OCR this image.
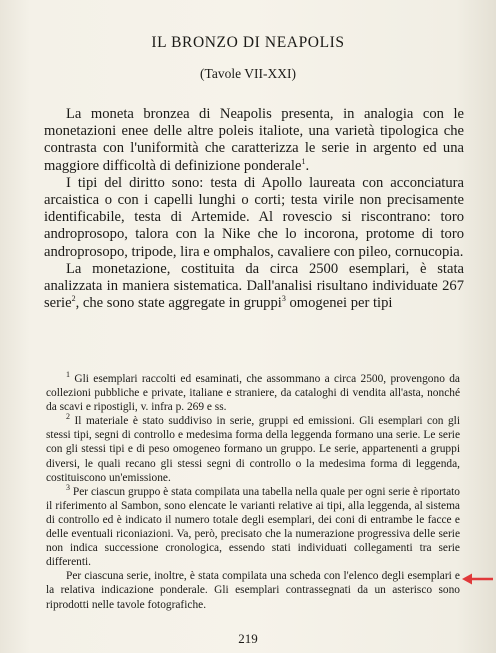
IL BRONZO DI NEAPOLIS
(Tavole VII-XXI)

La moneta bronzea di Neapolis presenta, in analogia con le monetazioni enee delle altre poleis italiote, una varietà tipologica che contrasta con l'uniformità che caratterizza le serie in argento ed una maggiore difficoltà di definizione ponderale$^1$.

I tipi del diritto sono: testa di Apollo laureata con acconciatura arcaistica o con i capelli lunghi o corti; testa virile non precisamente identificabile, testa di Artemide. Al rovescio si riscontrano: toro androprosopo, talora con la Nike che lo incorona, protome di toro androprosopo, tripode, lira e omphalos, cavaliere con pileo, cornucopia.

La monetazione, costituita da circa 2500 esemplari, è stata analizzata in maniera sistematica. Dall'analisi risultano individuate 267 serie$^2$, che sono state aggregate in gruppi$^3$ omogenei per tipi

$^1$ Gli esemplari raccolti ed esaminati, che assommano a circa 2500, provengono da collezioni pubbliche e private, italiane e straniere, da cataloghi di vendita all'asta, nonché da scavi e ripostigli, v. infra p. 269 e ss.

$^2$ Il materiale è stato suddiviso in serie, gruppi ed emissioni. Gli esemplari con gli stessi tipi, segni di controllo e medesima forma della leggenda formano una serie. Le serie con gli stessi tipi e di peso omogeneo formano un gruppo. Le serie, appartenenti a gruppi diversi, le quali recano gli stessi segni di controllo o la medesima forma di leggenda, costituiscono un'emissione.

$^3$ Per ciascun gruppo è stata compilata una tabella nella quale per ogni serie è riportato il riferimento al Sambon, sono elencate le varianti relative ai tipi, alla leggenda, al sistema di controllo ed è indicato il numero totale degli esemplari, dei coni di entrambe le facce e delle eventuali riconiazioni. Va, però, precisato che la numerazione progressiva delle serie non indica successione cronologica, essendo stati individuati collegamenti tra serie differenti.

Per ciascuna serie, inoltre, è stata compilata una scheda con l'elenco degli esemplari e la relativa indicazione ponderale. Gli esemplari contrassegnati da un asterisco sono riprodotti nelle tavole fotografiche.

219
